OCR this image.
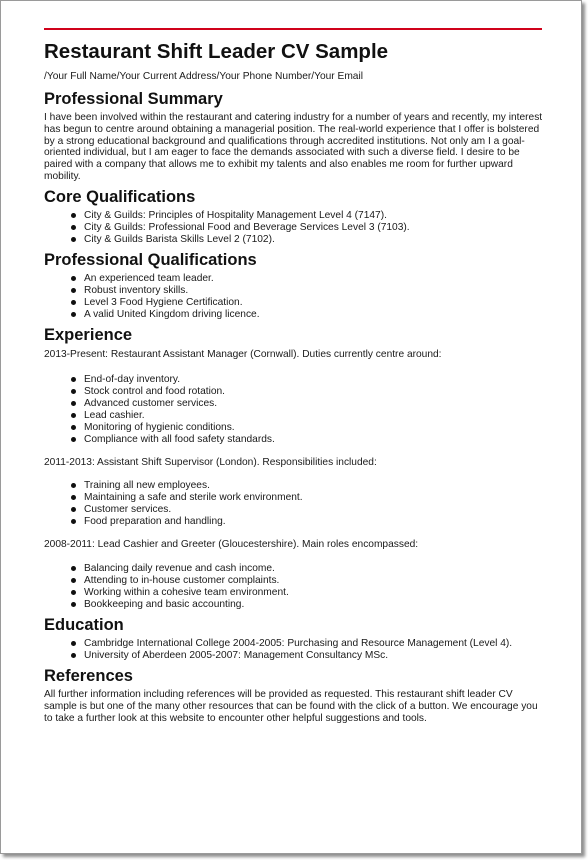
Restaurant Shift Leader CV Sample
/Your Full Name/Your Current Address/Your Phone Number/Your Email
Professional Summary

I have been involved within the restaurant and catering industry for a number of years and recently, my interest has begun to centre around obtaining a managerial position. The real-world experience that I offer is bolstered by a strong educational background and qualifications through accredited institutions. Not only am I a goal-oriented individual, but I am eager to face the demands associated with such a diverse field. I desire to be paired with a company that allows me to exhibit my talents and also enables me room for further upward mobility.

Core Qualifications
City & Guilds: Principles of Hospitality Management Level 4 (7147).
City & Guilds: Professional Food and Beverage Services Level 3 (7103).
City & Guilds Barista Skills Level 2 (7102).
Professional Qualifications
An experienced team leader.
Robust inventory skills.
Level 3 Food Hygiene Certification.
A valid United Kingdom driving licence.
Experience

2013-Present: Restaurant Assistant Manager (Cornwall). Duties currently centre around:

End-of-day inventory.
Stock control and food rotation.
Advanced customer services.
Lead cashier.
Monitoring of hygienic conditions.
Compliance with all food safety standards.

2011-2013: Assistant Shift Supervisor (London). Responsibilities included:

Training all new employees.
Maintaining a safe and sterile work environment.
Customer services.
Food preparation and handling.

2008-2011: Lead Cashier and Greeter (Gloucestershire). Main roles encompassed:

Balancing daily revenue and cash income.
Attending to in-house customer complaints.
Working within a cohesive team environment.
Bookkeeping and basic accounting.
Education
Cambridge International College 2004-2005: Purchasing and Resource Management (Level 4).
University of Aberdeen 2005-2007: Management Consultancy MSc.
References

All further information including references will be provided as requested. This restaurant shift leader CV sample is but one of the many other resources that can be found with the click of a button. We encourage you to take a further look at this website to encounter other helpful suggestions and tools.
